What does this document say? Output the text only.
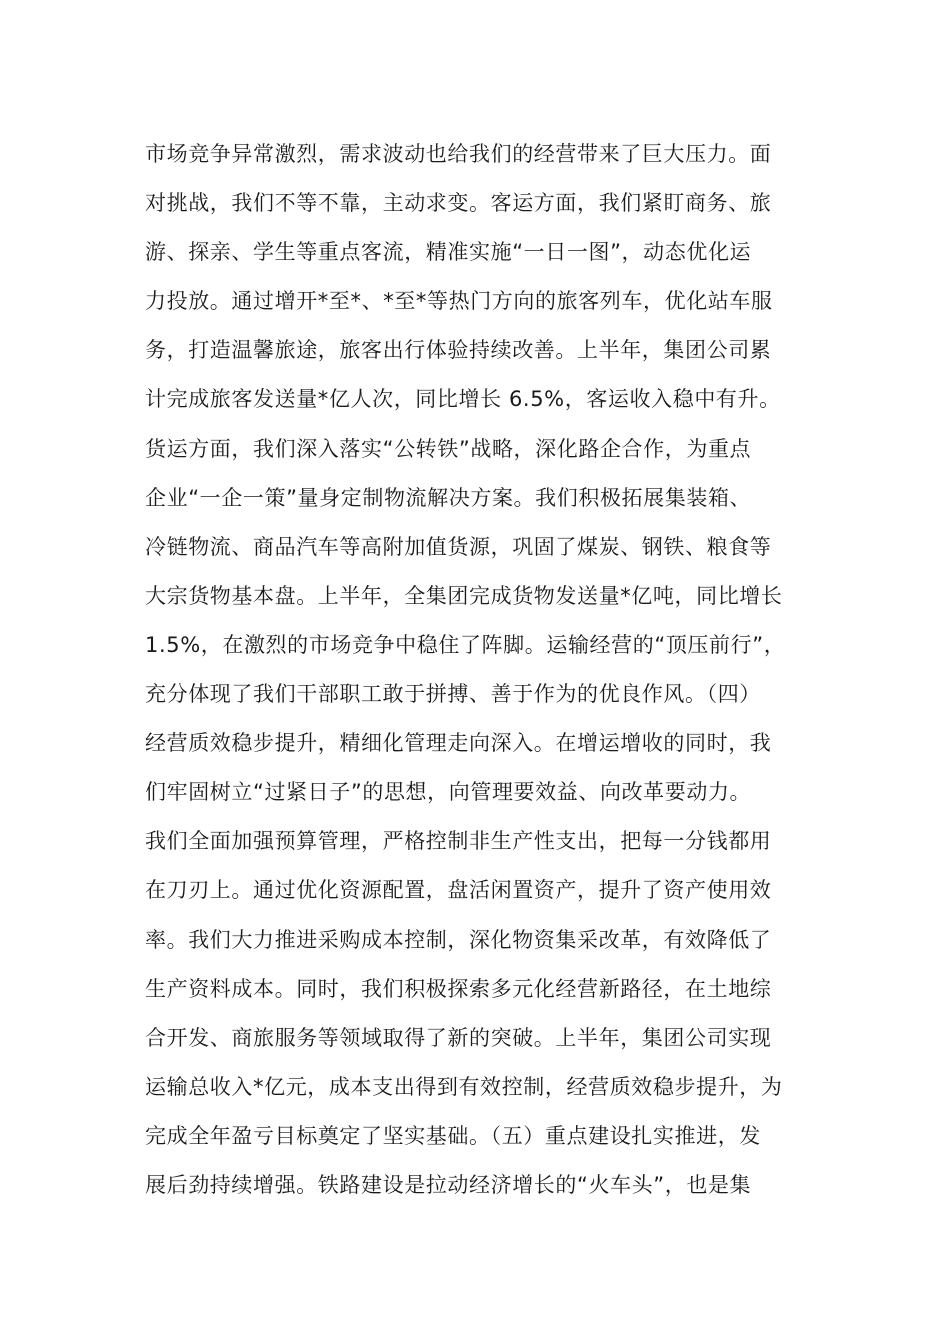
市场竞争异常激烈，需求波动也给我们的经营带来了巨大压力。面
对挑战，我们不等不靠，主动求变。客运方面，我们紧盯商务、旅
游、探亲、学生等重点客流，精准实施“一日一图”，动态优化运
力投放。通过增开*至*、*至*等热门方向的旅客列车，优化站车服
务，打造温馨旅途，旅客出行体验持续改善。上半年，集团公司累
计完成旅客发送量*亿人次，同比增长 6.5%，客运收入稳中有升。
货运方面，我们深入落实“公转铁”战略，深化路企合作，为重点
企业“一企一策”量身定制物流解决方案。我们积极拓展集装箱、
冷链物流、商品汽车等高附加值货源，巩固了煤炭、钢铁、粮食等
大宗货物基本盘。上半年，全集团完成货物发送量*亿吨，同比增长
1.5%，在激烈的市场竞争中稳住了阵脚。运输经营的“顶压前行”，
充分体现了我们干部职工敢于拼搏、善于作为的优良作风。（四）
经营质效稳步提升，精细化管理走向深入。在增运增收的同时，我
们牢固树立“过紧日子”的思想，向管理要效益、向改革要动力。
我们全面加强预算管理，严格控制非生产性支出，把每一分钱都用
在刀刃上。通过优化资源配置，盘活闲置资产，提升了资产使用效
率。我们大力推进采购成本控制，深化物资集采改革，有效降低了
生产资料成本。同时，我们积极探索多元化经营新路径，在土地综
合开发、商旅服务等领域取得了新的突破。上半年，集团公司实现
运输总收入*亿元，成本支出得到有效控制，经营质效稳步提升，为
完成全年盈亏目标奠定了坚实基础。（五）重点建设扎实推进，发
展后劲持续增强。铁路建设是拉动经济增长的“火车头”，也是集
